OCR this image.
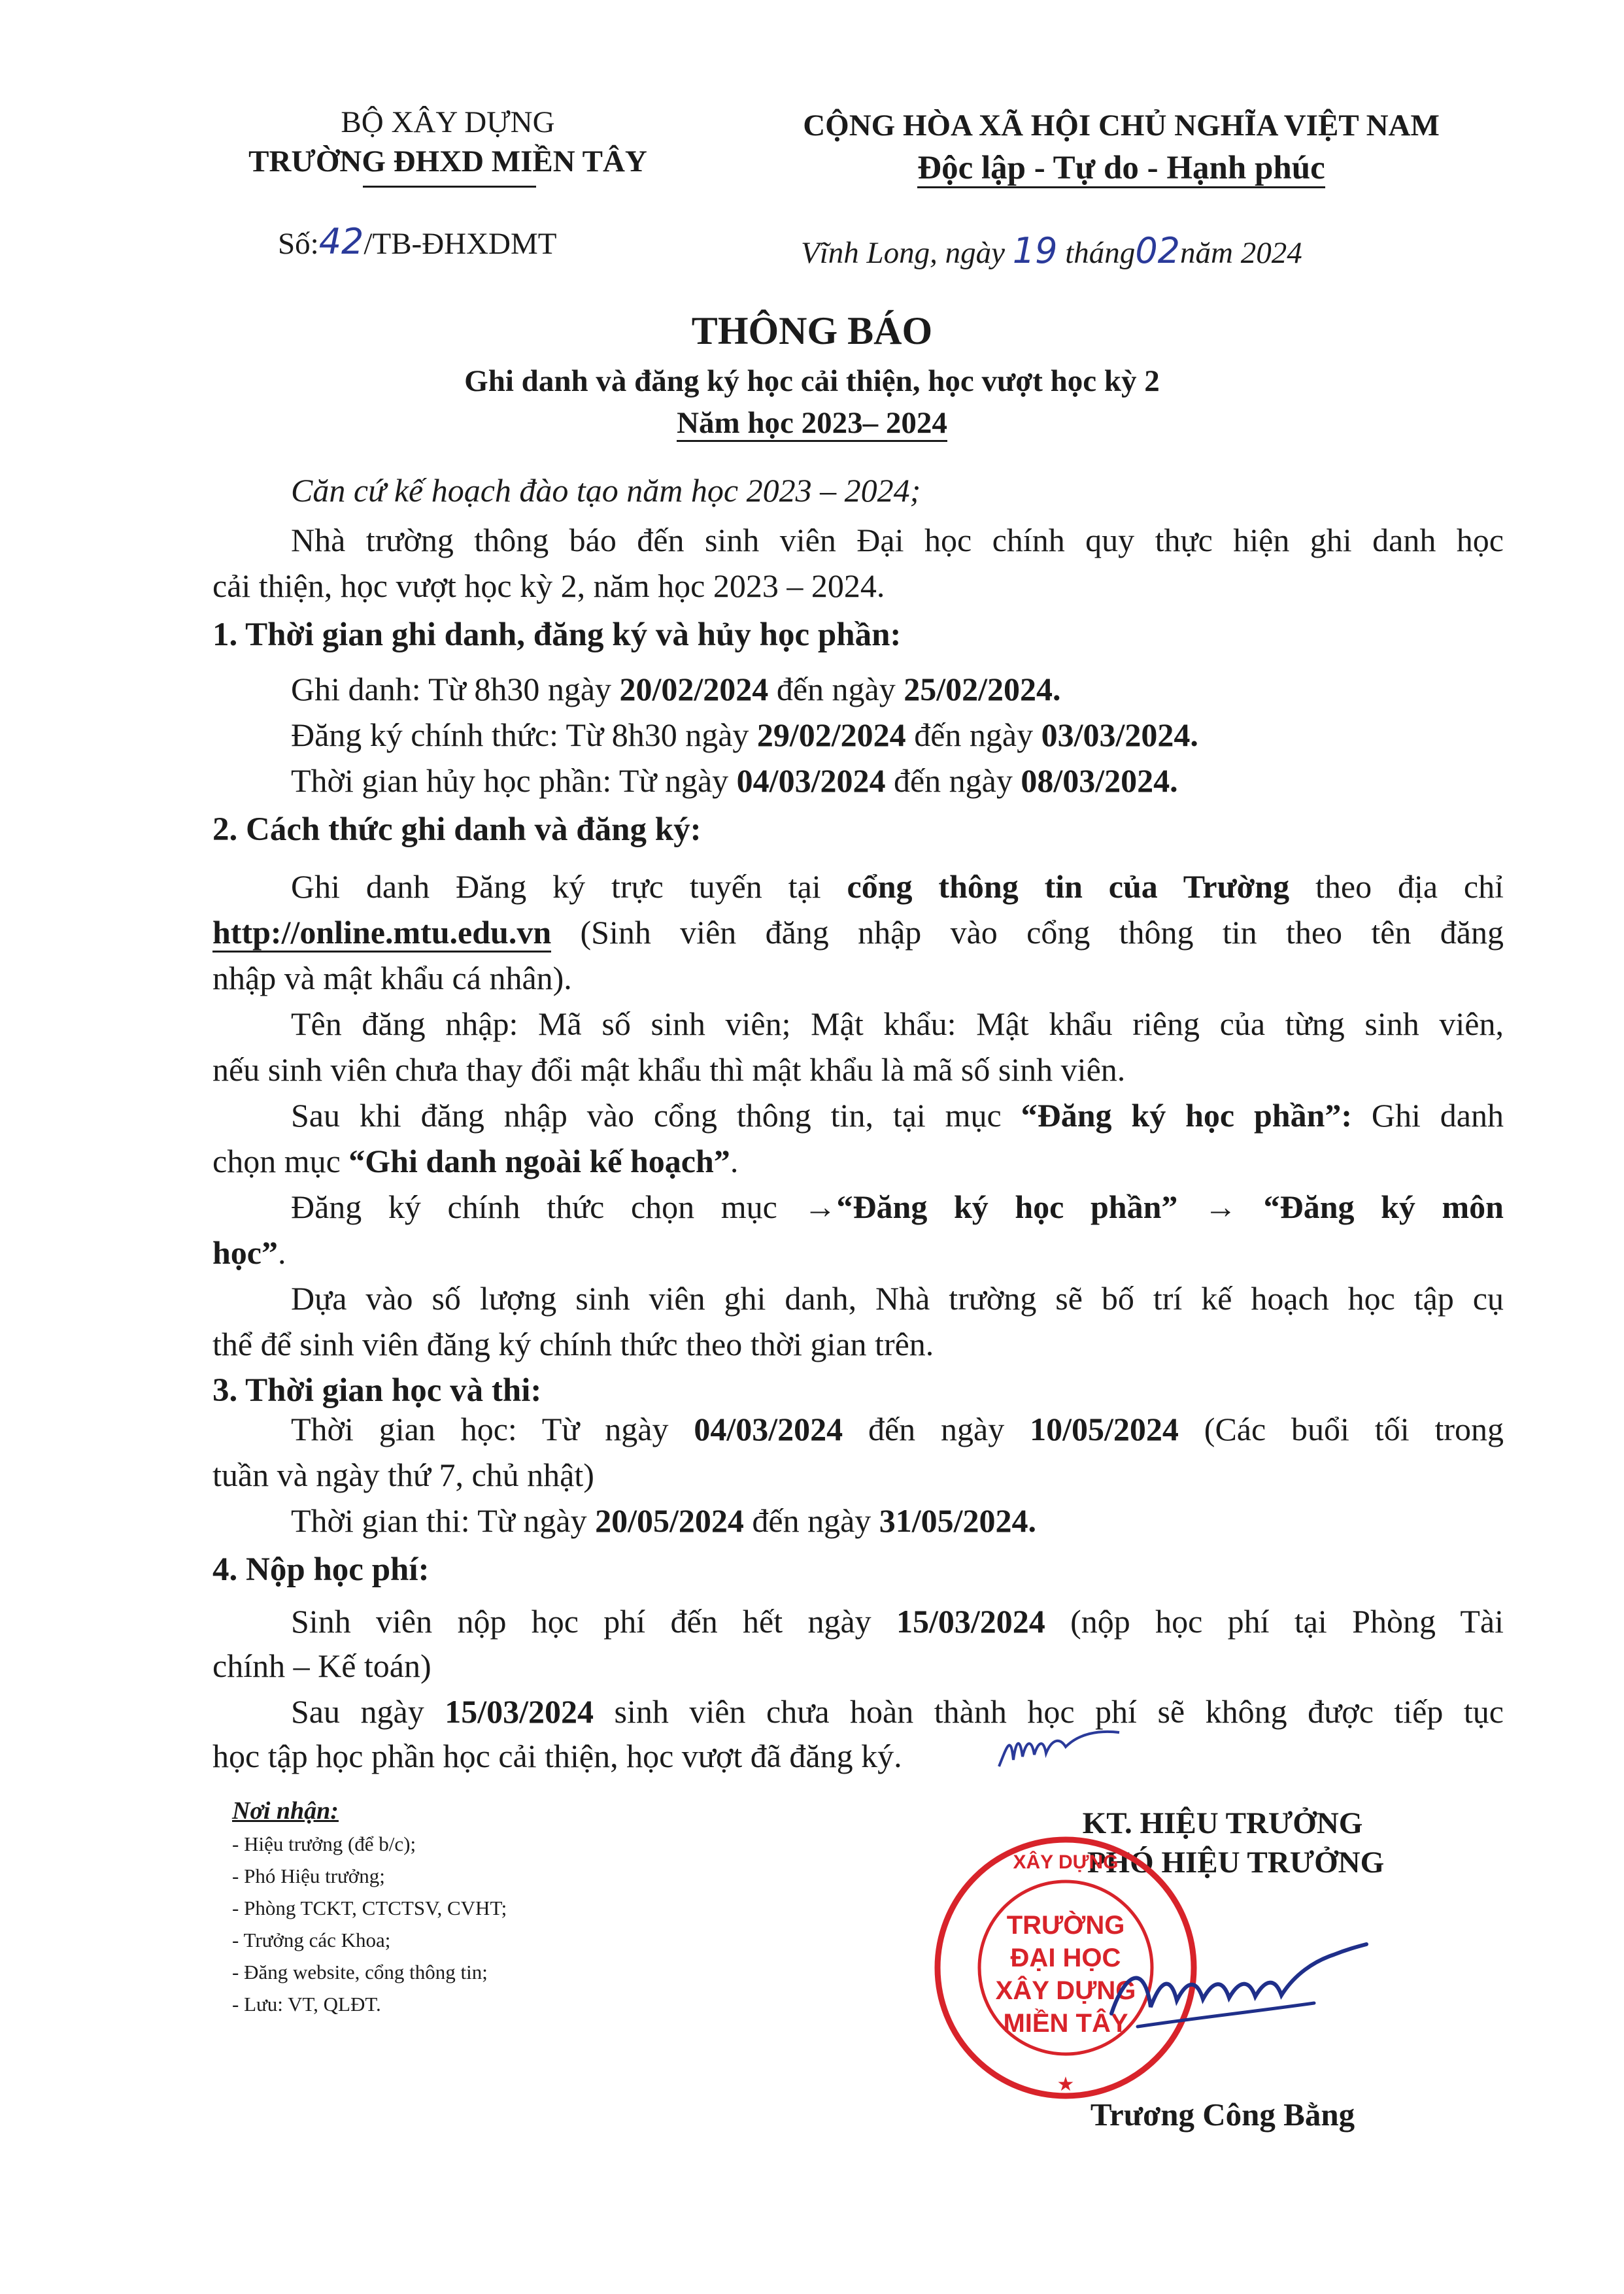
BỘ XÂY DỰNG
TRƯỜNG ĐHXD MIỀN TÂY
Số:42/TB-ĐHXDMT
CỘNG HÒA XÃ HỘI CHỦ NGHĨA VIỆT NAM
Độc lập - Tự do - Hạnh phúc
Vĩnh Long, ngày 19 tháng02năm 2024
THÔNG BÁO
Ghi danh và đăng ký học cải thiện, học vượt học kỳ 2
Năm học 2023– 2024
Căn cứ kế hoạch đào tạo năm học 2023 – 2024;
Nhà trường thông báo đến sinh viên Đại học chính quy thực hiện ghi danh học
cải thiện, học vượt học kỳ 2, năm học 2023 – 2024.
1. Thời gian ghi danh, đăng ký và hủy học phần:
Ghi danh: Từ 8h30 ngày 20/02/2024 đến ngày 25/02/2024.
Đăng ký chính thức: Từ 8h30 ngày 29/02/2024 đến ngày 03/03/2024.
Thời gian hủy học phần: Từ ngày 04/03/2024 đến ngày 08/03/2024.
2. Cách thức ghi danh và đăng ký:
Ghi danh Đăng ký trực tuyến tại cổng thông tin của Trường theo địa chỉ
http://online.mtu.edu.vn (Sinh viên đăng nhập vào cổng thông tin theo tên đăng
nhập và mật khẩu cá nhân).
Tên đăng nhập: Mã số sinh viên; Mật khẩu: Mật khẩu riêng của từng sinh viên,
nếu sinh viên chưa thay đổi mật khẩu thì mật khẩu là mã số sinh viên.
Sau khi đăng nhập vào cổng thông tin, tại mục “Đăng ký học phần”: Ghi danh
chọn mục “Ghi danh ngoài kế hoạch”.
Đăng ký chính thức chọn mục →“Đăng ký học phần” → “Đăng ký môn
học”.
Dựa vào số lượng sinh viên ghi danh, Nhà trường sẽ bố trí kế hoạch học tập cụ
thể để sinh viên đăng ký chính thức theo thời gian trên.
3. Thời gian học và thi:
Thời gian học: Từ ngày 04/03/2024 đến ngày 10/05/2024 (Các buổi tối trong
tuần và ngày thứ 7, chủ nhật)
Thời gian thi: Từ ngày 20/05/2024 đến ngày 31/05/2024.
4. Nộp học phí:
Sinh viên nộp học phí đến hết ngày 15/03/2024 (nộp học phí tại Phòng Tài
chính – Kế toán)
Sau ngày 15/03/2024 sinh viên chưa hoàn thành học phí sẽ không được tiếp tục
học tập học phần học cải thiện, học vượt đã đăng ký.
Nơi nhận:
- Hiệu trưởng (để b/c);
- Phó Hiệu trưởng;
- Phòng TCKT, CTCTSV, CVHT;
- Trưởng các Khoa;
- Đăng website, cổng thông tin;
- Lưu: VT, QLĐT.
KT. HIỆU TRƯỞNG
PHÓ HIỆU TRƯỞNG
XÂY DỰNG
★
TRƯỜNG
ĐẠI HỌC
XÂY DỰNG
MIỀN TÂY
Trương Công Bằng
